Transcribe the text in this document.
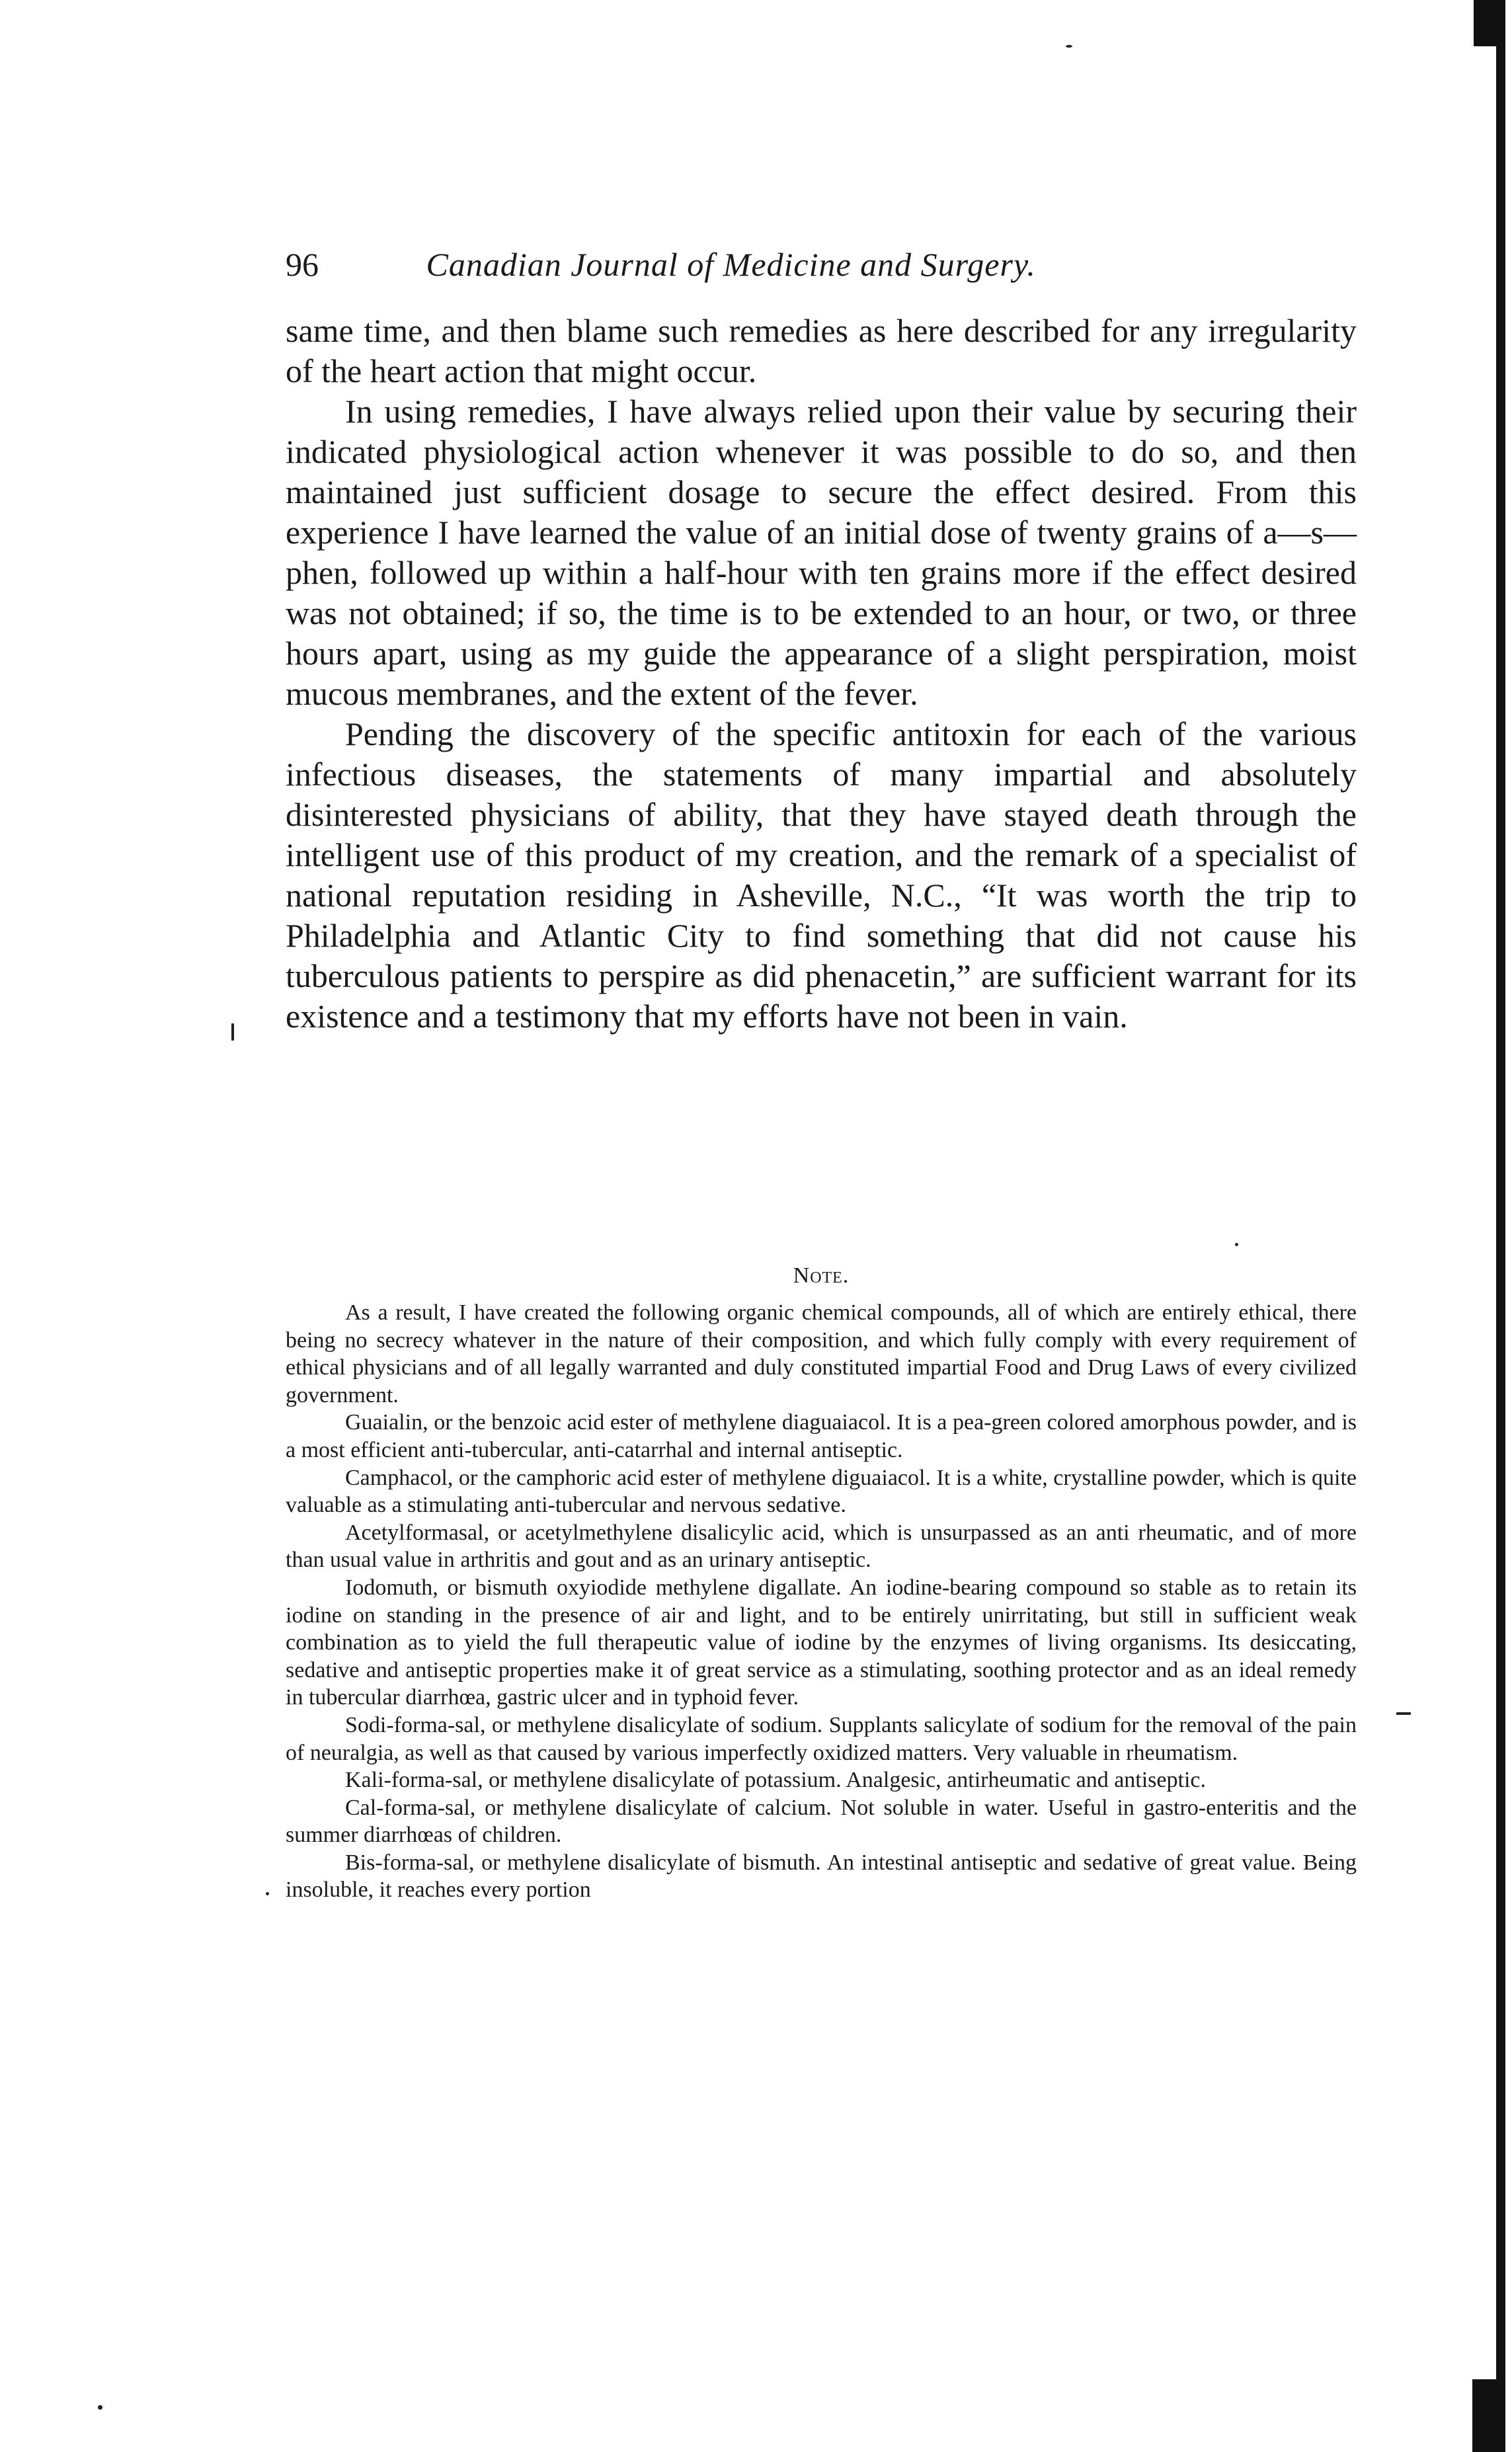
96	Canadian Journal of Medicine and Surgery.

same time, and then blame such remedies as here described for any irregularity of the heart action that might occur.

In using remedies, I have always relied upon their value by securing their indicated physiological action whenever it was possible to do so, and then maintained just sufficient dosage to secure the effect desired. From this experience I have learned the value of an initial dose of twenty grains of a—s—phen, followed up within a half-hour with ten grains more if the effect desired was not obtained; if so, the time is to be extended to an hour, or two, or three hours apart, using as my guide the appearance of a slight perspiration, moist mucous membranes, and the extent of the fever.

Pending the discovery of the specific antitoxin for each of the various infectious diseases, the statements of many impartial and absolutely disinterested physicians of ability, that they have stayed death through the intelligent use of this product of my creation, and the remark of a specialist of national reputation residing in Asheville, N.C., “It was worth the trip to Philadelphia and Atlantic City to find something that did not cause his tuberculous patients to perspire as did phenacetin,” are sufficient warrant for its existence and a testimony that my efforts have not been in vain.

Note.

As a result, I have created the following organic chemical compounds, all of which are entirely ethical, there being no secrecy whatever in the nature of their composition, and which fully comply with every requirement of ethical physicians and of all legally warranted and duly constituted impartial Food and Drug Laws of every civilized government.

Guaialin, or the benzoic acid ester of methylene diaguaiacol. It is a pea-green colored amorphous powder, and is a most efficient anti-tubercular, anti-catarrhal and internal antiseptic.

Camphacol, or the camphoric acid ester of methylene diguaiacol. It is a white, crystalline powder, which is quite valuable as a stimulating anti-tubercular and nervous sedative.

Acetylformasal, or acetylmethylene disalicylic acid, which is unsurpassed as an anti rheumatic, and of more than usual value in arthritis and gout and as an urinary antiseptic.

Iodomuth, or bismuth oxyiodide methylene digallate. An iodine-bearing compound so stable as to retain its iodine on standing in the presence of air and light, and to be entirely unirritating, but still in sufficient weak combination as to yield the full therapeutic value of iodine by the enzymes of living organisms. Its desiccating, sedative and antiseptic properties make it of great service as a stimulating, soothing protector and as an ideal remedy in tubercular diarrhœa, gastric ulcer and in typhoid fever.

Sodi-forma-sal, or methylene disalicylate of sodium. Supplants salicylate of sodium for the removal of the pain of neuralgia, as well as that caused by various imperfectly oxidized matters. Very valuable in rheumatism.

Kali-forma-sal, or methylene disalicylate of potassium. Analgesic, antirheumatic and antiseptic.

Cal-forma-sal, or methylene disalicylate of calcium. Not soluble in water. Useful in gastro-enteritis and the summer diarrhœas of children.

Bis-forma-sal, or methylene disalicylate of bismuth. An intestinal antiseptic and sedative of great value. Being insoluble, it reaches every portion
